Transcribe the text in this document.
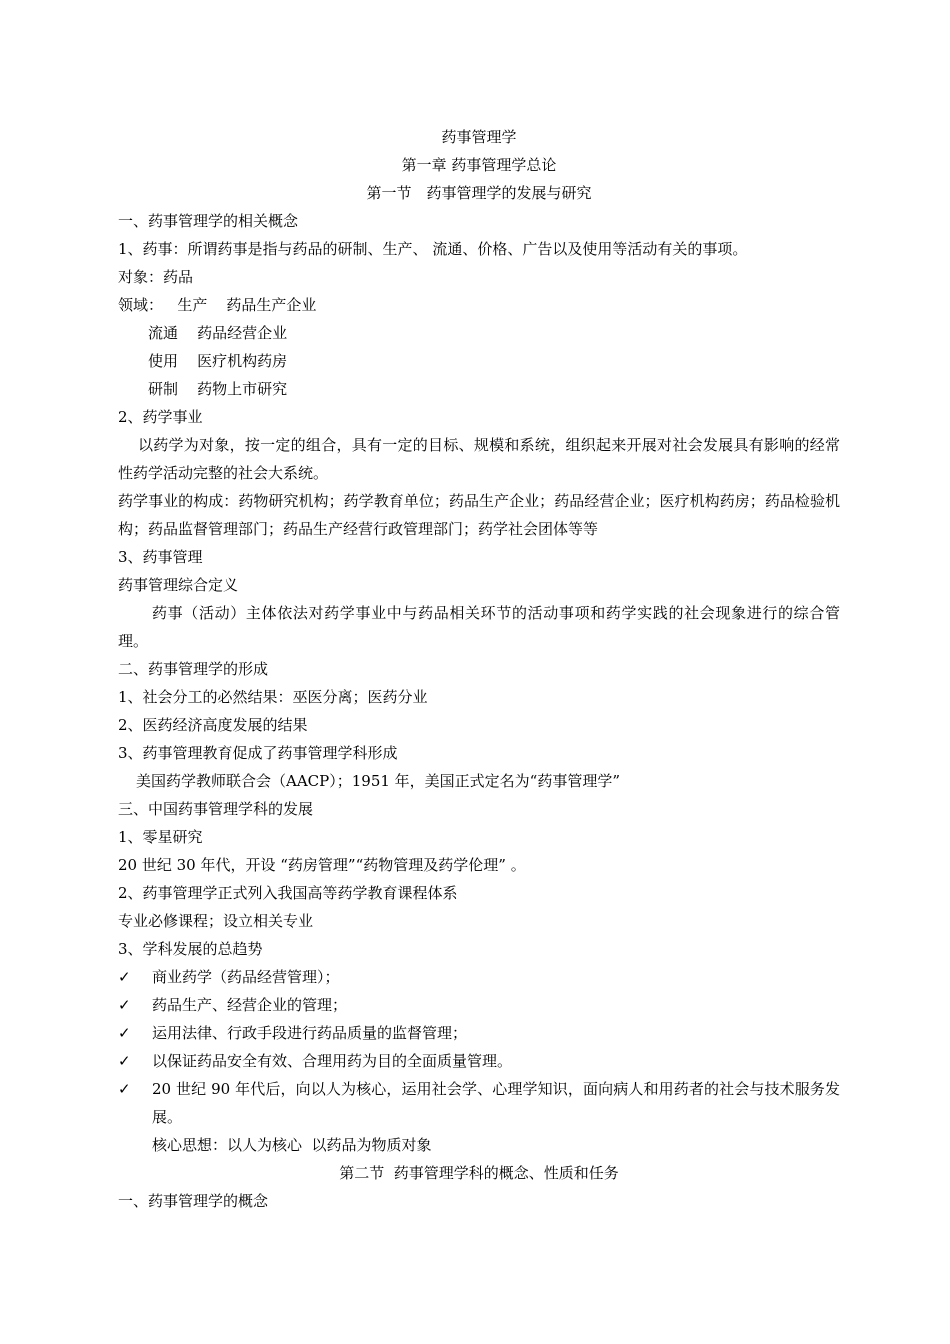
药事管理学
第一章 药事管理学总论
第一节　药事管理学的发展与研究
一、药事管理学的相关概念
1、药事：所谓药事是指与药品的研制、生产、 流通、价格、广告以及使用等活动有关的事项。
对象：药品
领域： 生产 药品生产企业
流通 药品经营企业
使用 医疗机构药房
研制 药物上市研究
2、药学事业
以药学为对象，按一定的组合，具有一定的目标、规模和系统，组织起来开展对社会发展具有影响的经常性药学活动完整的社会大系统。
药学事业的构成：药物研究机构；药学教育单位；药品生产企业；药品经营企业；医疗机构药房；药品检验机构；药品监督管理部门；药品生产经营行政管理部门；药学社会团体等等
3、药事管理
药事管理综合定义
药事（活动）主体依法对药学事业中与药品相关环节的活动事项和药学实践的社会现象进行的综合管理。
二、药事管理学的形成
1、社会分工的必然结果：巫医分离；医药分业
2、医药经济高度发展的结果
3、药事管理教育促成了药事管理学科形成
美国药学教师联合会（AACP）；1951 年，美国正式定名为“药事管理学”
三、中国药事管理学科的发展
1、零星研究
20 世纪 30 年代，开设 “药房管理”“药物管理及药学伦理” 。
2、药事管理学正式列入我国高等药学教育课程体系
专业必修课程；设立相关专业
3、学科发展的总趋势
✓	商业药学（药品经营管理）；
✓	药品生产、经营企业的管理；
✓	运用法律、行政手段进行药品质量的监督管理；
✓	以保证药品安全有效、合理用药为目的全面质量管理。
✓	20 世纪 90 年代后，向以人为核心，运用社会学、心理学知识，面向病人和用药者的社会与技术服务发展。
核心思想：以人为核心  以药品为物质对象
第二节  药事管理学科的概念、性质和任务
一、药事管理学的概念
